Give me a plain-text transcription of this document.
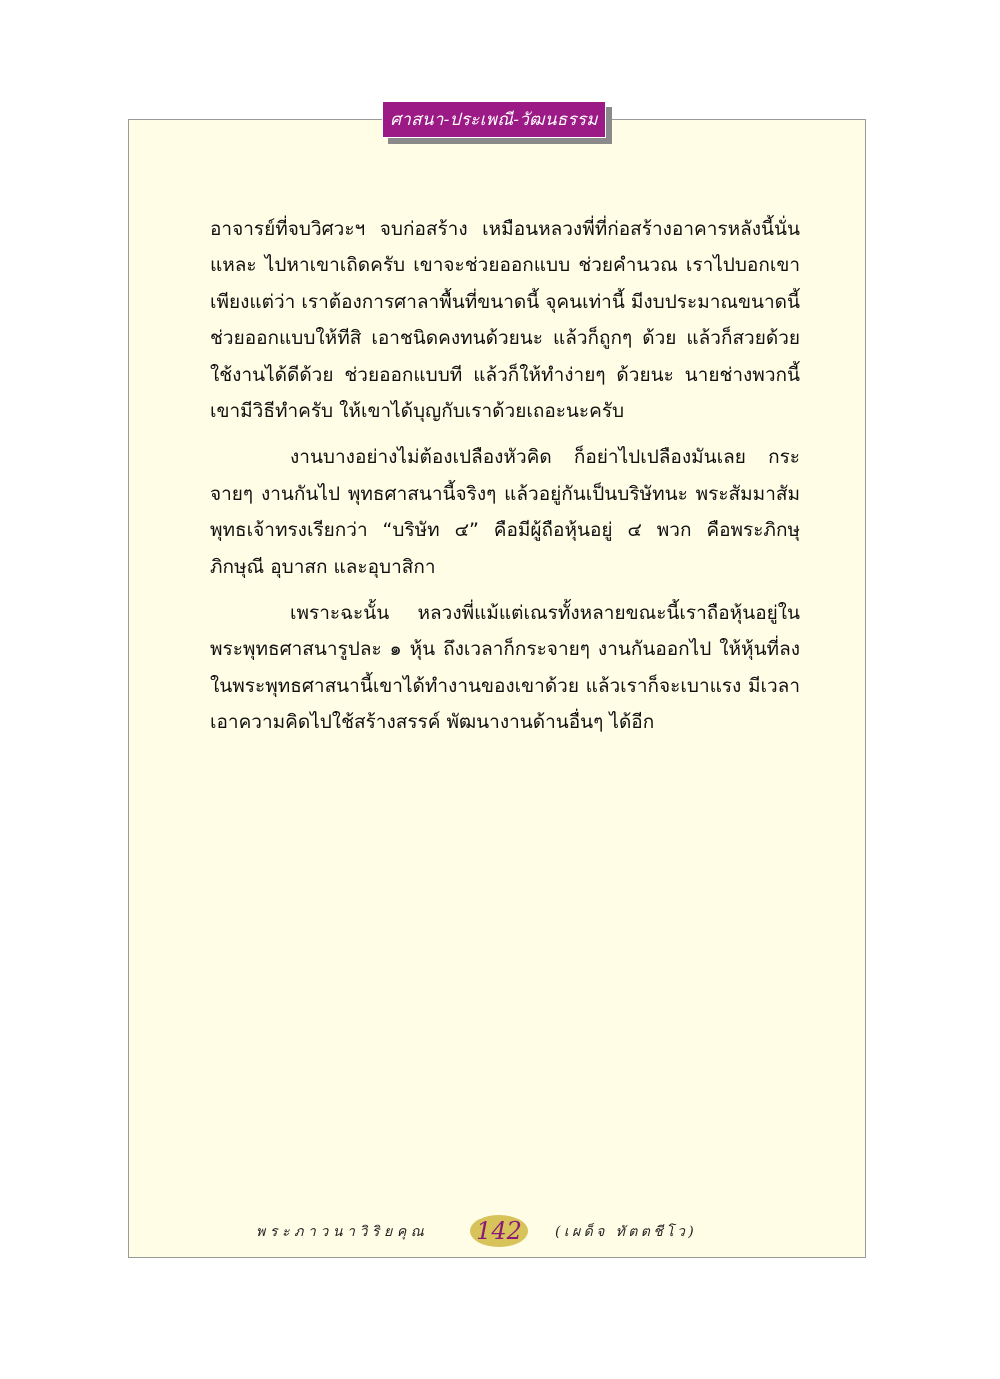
ศาสนา-ประเพณี-วัฒนธรรม

อาจารย์ที่จบวิศวะฯ จบก่อสร้าง เหมือนหลวงพี่ที่ก่อสร้างอาคารหลังนี้นั่นแหละ ไปหาเขาเถิดครับ เขาจะช่วยออกแบบ ช่วยคำนวณ เราไปบอกเขาเพียงแต่ว่า เราต้องการศาลาพื้นที่ขนาดนี้ จุคนเท่านี้ มีงบประมาณขนาดนี้ ช่วยออกแบบให้ทีสิ เอาชนิดคงทนด้วยนะ แล้วก็ถูกๆ ด้วย แล้วก็สวยด้วย ใช้งานได้ดีด้วย ช่วยออกแบบที แล้วก็ให้ทำง่ายๆ ด้วยนะ นายช่างพวกนี้เขามีวิธีทำครับ ให้เขาได้บุญกับเราด้วยเถอะนะครับ

งานบางอย่างไม่ต้องเปลืองหัวคิด ก็อย่าไปเปลืองมันเลย กระจายๆ งานกันไป พุทธศาสนานี้จริงๆ แล้วอยู่กันเป็นบริษัทนะ พระสัมมาสัมพุทธเจ้าทรงเรียกว่า “บริษัท ๔” คือมีผู้ถือหุ้นอยู่ ๔ พวก คือพระภิกษุ ภิกษุณี อุบาสก และอุบาสิกา

เพราะฉะนั้น หลวงพี่แม้แต่เณรทั้งหลายขณะนี้เราถือหุ้นอยู่ในพระพุทธศาสนารูปละ ๑ หุ้น ถึงเวลาก็กระจายๆ งานกันออกไป ให้หุ้นที่ลงในพระพุทธศาสนานี้เขาได้ทำงานของเขาด้วย แล้วเราก็จะเบาแรง มีเวลาเอาความคิดไปใช้สร้างสรรค์ พัฒนางานด้านอื่นๆ ได้อีก

พระภาวนาวิริยคุณ 142 (เผด็จ ทัตตชีโว)
